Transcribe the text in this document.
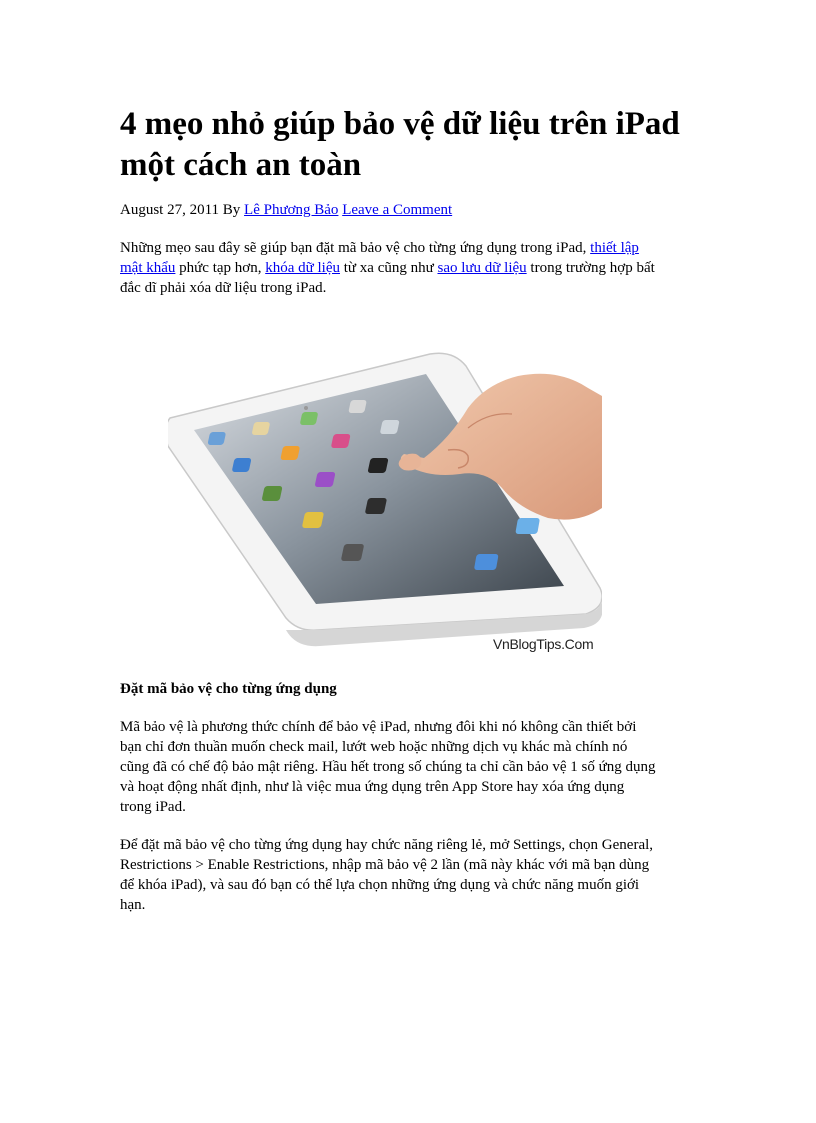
4 mẹo nhỏ giúp bảo vệ dữ liệu trên iPad
một cách an toàn
August 27, 2011 By Lê Phương Bảo Leave a Comment
Những mẹo sau đây sẽ giúp bạn đặt mã bảo vệ cho từng ứng dụng trong iPad, thiết lập
mật khẩu phức tạp hơn, khóa dữ liệu từ xa cũng như sao lưu dữ liệu trong trường hợp bất
đắc dĩ phải xóa dữ liệu trong iPad.
Đặt mã bảo vệ cho từng ứng dụng
Mã bảo vệ là phương thức chính để bảo vệ iPad, nhưng đôi khi nó không cần thiết bởi
bạn chỉ đơn thuần muốn check mail, lướt web hoặc những dịch vụ khác mà chính nó
cũng đã có chế độ bảo mật riêng. Hầu hết trong số chúng ta chỉ cần bảo vệ 1 số ứng dụng
và hoạt động nhất định, như là việc mua ứng dụng trên App Store hay xóa ứng dụng
trong iPad.
Để đặt mã bảo vệ cho từng ứng dụng hay chức năng riêng lẻ, mở Settings, chọn General,
Restrictions > Enable Restrictions, nhập mã bảo vệ 2 lần (mã này khác với mã bạn dùng
để khóa iPad), và sau đó bạn có thể lựa chọn những ứng dụng và chức năng muốn giới
hạn.
VnBlogTips.Com
